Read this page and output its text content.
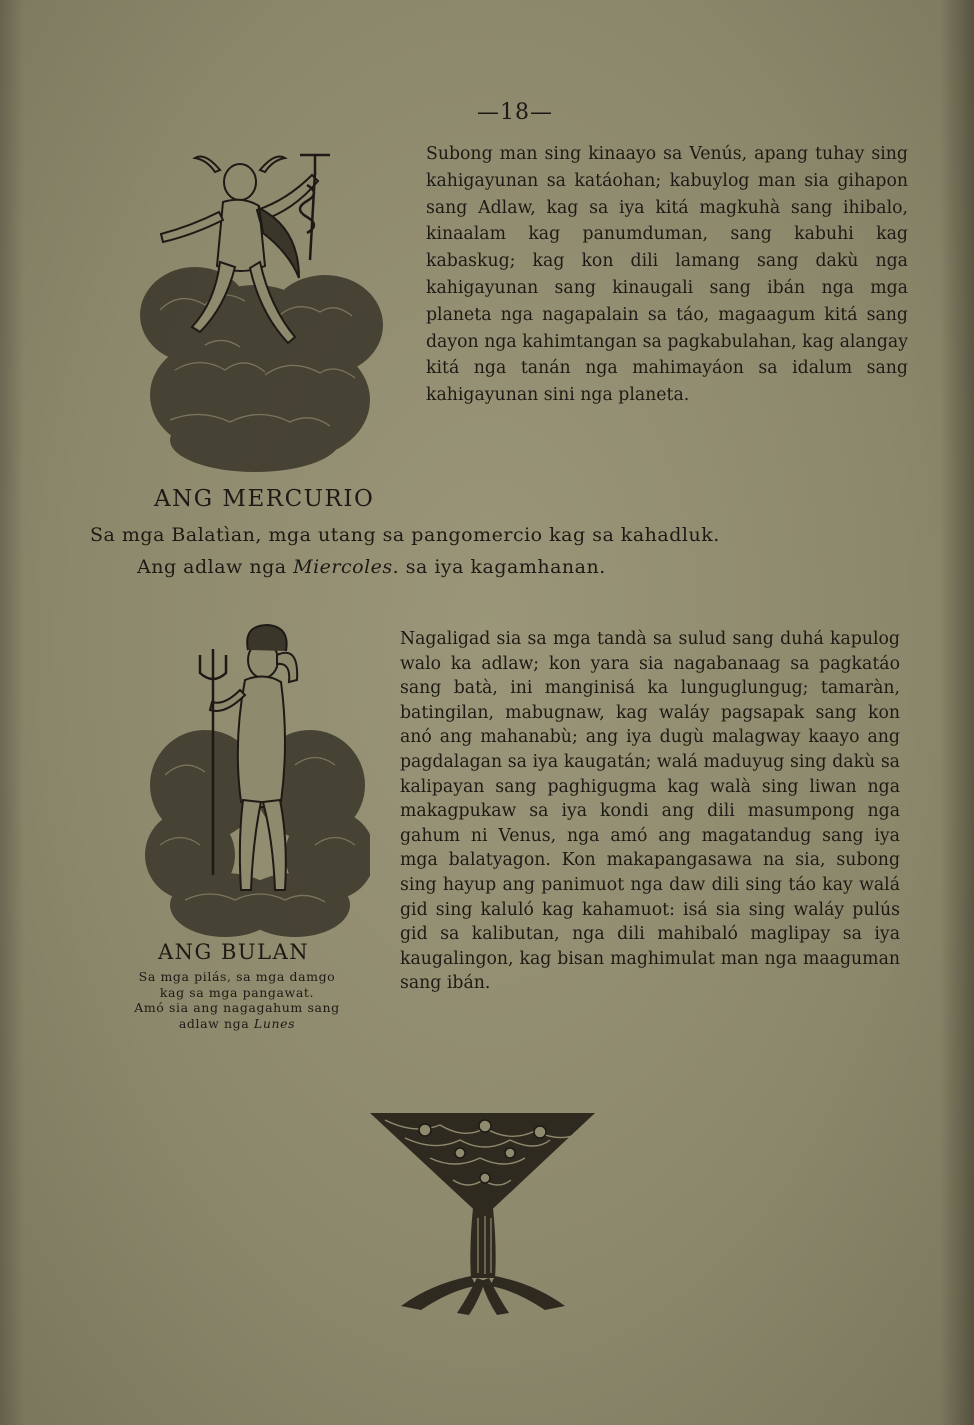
—18—

Subong man sing kinaayo sa Venús, apang tuhay sing kahigayunan sa katáohan; kabuylog man sia gihapon sang Adlaw, kag sa iya kitá magkuhà sang ihibalo, kinaalam kag panumduman, sang kabuhi kag kabaskug; kag kon dili lamang sang dakù nga kahigayunan sang kinaugali sang ibán nga mga planeta nga nagapalain sa táo, magaagum kitá sang dayon nga kahimtangan sa pagkabulahan, kag alangay kitá nga tanán nga mahimayáon sa idalum sang kahigayunan sini nga planeta.

ANG MERCURIO
Sa mga Balatìan, mga utang sa pangomercio kag sa kahadluk.
Ang adlaw nga Miercoles. sa iya kagamhanan.

Nagaligad sia sa mga tandà sa sulud sang duhá kapulog walo ka adlaw; kon yara sia nagabanaag sa pagkatáo sang batà, ini manginisá ka lunguglungug; tamaràn, batingilan, mabugnaw, kag waláy pagsapak sang kon anó ang mahanabù; ang iya dugù malagway kaayo ang pagdalagan sa iya kaugatán; walá maduyug sing dakù sa kalipayan sang paghigugma kag walà sing liwan nga makagpukaw sa iya kondi ang dili masumpong nga gahum ni Venus, nga amó ang magatandug sang iya mga balatyagon. Kon makapangasawa na sia, subong sing hayup ang panimuot nga daw dili sing táo kay walá gid sing kaluló kag kahamuot: isá sia sing waláy pulús gid sa kalibutan, nga dili mahibaló maglipay sa iya kaugalingon, kag bisan maghimulat man nga maaguman sang ibán.

ANG BULAN
Sa mga pilás, sa mga damgo
kag sa mga pangawat.
Amó sia ang nagagahum sang
adlaw nga Lunes
